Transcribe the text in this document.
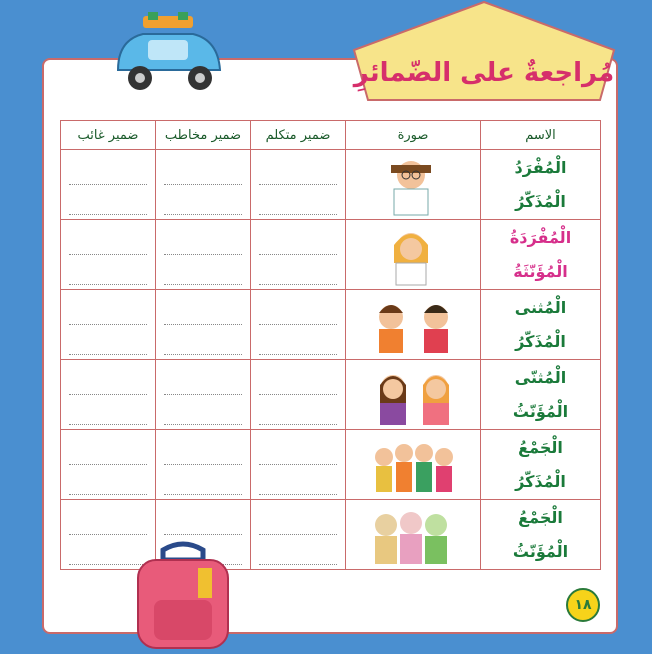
مُراجعةٌ على الضّمائرِ
ضمير غائب	ضمير مخاطب	ضمير متكلم	صورة	الاسم

الْمُفْرَدُ
الْمُذَكّرُ

الْمُفْرَدَةُ
الْمُؤَنّثَةُ

الْمُثنى
الْمُذَكّرُ

الْمُثنّى
الْمُؤَنّثُ

الْجَمْعُ
الْمُذَكّرُ

الْجَمْعُ
الْمُؤَنّثُ
١٨
